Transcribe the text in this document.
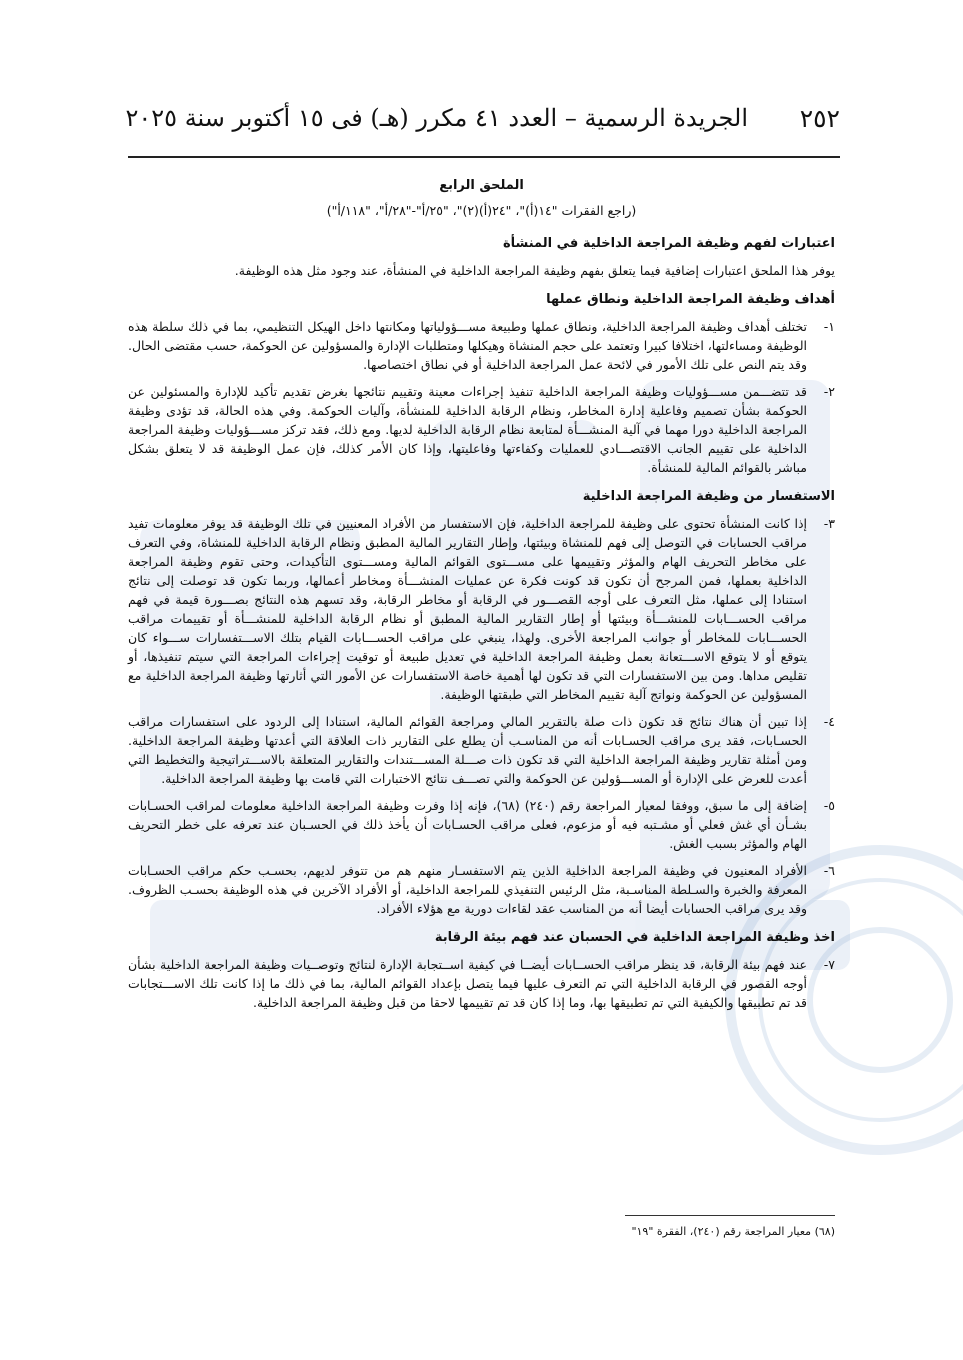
٢٥٢
الجريدة الرسمية – العدد ٤١ مكرر (هـ) فى ١٥ أكتوبر سنة ٢٠٢٥
الملحق الرابع
(راجع الفقرات "١٤(أ)"، "٢٤(أ)(٢)"، "٢٥/أ"-"٢٨/أ"، "١١٨/أ")
اعتبارات لفهم وظيفة المراجعة الداخلية في المنشأة
يوفر هذا الملحق اعتبارات إضافية فيما يتعلق بفهم وظيفة المراجعة الداخلية في المنشأة، عند وجود مثل هذه الوظيفة.
أهداف وظيفة المراجعة الداخلية ونطاق عملها
١-
تختلف أهداف وظيفة المراجعة الداخلية، ونطاق عملها وطبيعة مســـؤولياتها ومكانتها داخل الهيكل التنظيمي، بما في ذلك سلطة هذه الوظيفة ومساءلتها، اختلافا كبيرا وتعتمد على حجم المنشاة وهيكلها ومتطلبات الإدارة والمسؤولين عن الحوكمة، حسب مقتضى الحال. وقد يتم النص على تلك الأمور في لائحة عمل المراجعة الداخلية أو في نطاق اختصاصها.
٢-
قد تتضـــمن مســـؤوليات وظيفة المراجعة الداخلية تنفيذ إجراءات معينة وتقييم نتائجها بغرض تقديم تأكيد للإدارة والمسئولين عن الحوكمة بشأن تصميم وفاعلية إدارة المخاطر، ونظام الرقابة الداخلية للمنشأة، وآليات الحوكمة. وفي هذه الحالة، قد تؤدى وظيفة المراجعة الداخلية دورا مهما في آلية المنشـــأة لمتابعة نظام الرقابة الداخلية لديها. ومع ذلك، فقد تركز مســـؤوليات وظيفة المراجعة الداخلية على تقييم الجانب الاقتصـــادي للعمليات وكفاءتها وفاعليتها، وإذا كان الأمر كذلك، فإن عمل الوظيفة قد لا يتعلق بشكل مباشر بالقوائم المالية للمنشأة.
الاستفسار من وظيفة المراجعة الداخلية
٣-
إذا كانت المنشأة تحتوى على وظيفة للمراجعة الداخلية، فإن الاستفسار من الأفراد المعنيين في تلك الوظيفة قد يوفر معلومات تفيد مراقب الحسابات في التوصل إلى فهم للمنشاة وبيئتها، وإطار التقارير المالية المطبق ونظام الرقابة الداخلية للمنشاة، وفي التعرف على مخاطر التحريف الهام والمؤثر وتقييمها على مســـتوى القوائم المالية ومســـتوى التأكيدات، وحتى تقوم وظيفة المراجعة الداخلية بعملها، فمن المرجح أن تكون قد كونت فكرة عن عمليات المنشـــأة ومخاطر أعمالها، وربما تكون قد توصلت إلى نتائج استنادا إلى عملها، مثل التعرف على أوجه القصـــور في الرقابة أو مخاطر الرقابة، وقد تسهم هذه النتائج بصـــورة قيمة في فهم مراقب الحســـابات للمنشـــأة وبيئتها أو إطار التقارير المالية المطبق أو نظام الرقابة الداخلية للمنشـــأة أو تقييمات مراقب الحســـابات للمخاطر أو جوانب المراجعة الأخرى. ولهذا، ينبغي على مراقب الحســـابات القيام بتلك الاســـتفسارات ســـواء كان يتوقع أو لا يتوقع الاســـتعانة بعمل وظيفة المراجعة الداخلية في تعديل طبيعة أو توقيت إجراءات المراجعة التي سيتم تنفيذها، أو تقليص مداها. ومن بين الاستفسارات التي قد تكون لها أهمية خاصة الاستفسارات عن الأمور التي أثارتها وظيفة المراجعة الداخلية مع المسؤولين عن الحوكمة ونواتج آلية تقييم المخاطر التي طبقتها الوظيفة.
٤-
إذا تبين أن هناك نتائج قد تكون ذات صلة بالتقرير المالي ومراجعة القوائم المالية، استنادا إلى الردود على استفسارات مراقب الحسـابات، فقد يرى مراقب الحسـابات أنه من المناسـب أن يطلع على التقارير ذات العلاقة التي أعدتها وظيفة المراجعة الداخلية. ومن أمثلة تقارير وظيفة المراجعة الداخلية التي قد تكون ذات صـــلة المســـتندات والتقارير المتعلقة بالاســـتراتيجية والتخطيط التي أعدت للعرض على الإدارة أو المســـؤولين عن الحوكمة والتي تصـــف نتائج الاختبارات التي قامت بها وظيفة المراجعة الداخلية.
٥-
إضافة إلى ما سبق، ووفقا لمعيار المراجعة رقم (٢٤٠) (٦٨)، فإنه إذا وفرت وظيفة المراجعة الداخلية معلومات لمراقب الحسـابات بشـأن أي غش فعلي أو مشـتبه فيه أو مزعوم، فعلى مراقب الحسـابات أن يأخذ ذلك في الحسـبان عند تعرفه على خطر التحريف الهام والمؤثر بسبب الغش.
٦-
الأفراد المعنيون في وظيفة المراجعة الداخلية الذين يتم الاستفسـار منهم هم من تتوفر لديهم، بحسـب حكم مراقب الحسـابات المعرفة والخبرة والسـلطة المناسـبة، مثل الرئيس التنفيذي للمراجعة الداخلية، أو الأفراد الآخرين في هذه الوظيفة بحسـب الظروف. وقد يرى مراقب الحسابات أيضا أنه من المناسب عقد لقاءات دورية مع هؤلاء الأفراد.
اخذ وظيفة المراجعة الداخلية في الحسبان عند فهم بيئة الرقابة
٧-
عند فهم بيئة الرقابة، قد ينظر مراقب الحســابات أيضــا في كيفية اســتجابة الإدارة لنتائج وتوصــيات وظيفة المراجعة الداخلية بشأن أوجه القصور في الرقابة الداخلية التي تم التعرف عليها فيما يتصل بإعداد القوائم المالية، بما في ذلك ما إذا كانت تلك الاســـتجابات قد تم تطبيقها والكيفية التي تم تطبيقها بها، وما إذا كان قد تم تقييمها لاحقا من قبل وظيفة المراجعة الداخلية.
(٦٨) معيار المراجعة رقم (٢٤٠)، الفقرة "١٩"
